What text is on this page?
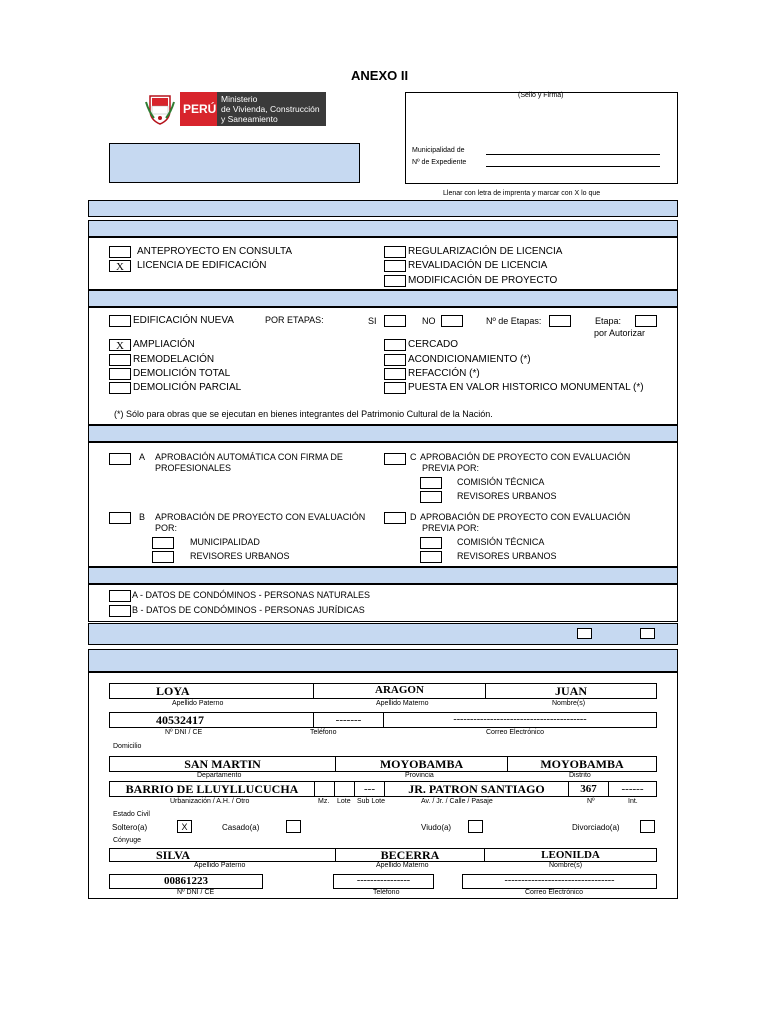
ANEXO II
PERÚ
Ministerio
de Vivienda, Construcción
y Saneamiento
(Sello y Firma)
Municipalidad de
Nº de Expediente
Llenar con letra de imprenta y marcar con X lo que
ANTEPROYECTO EN CONSULTA
X	LICENCIA DE EDIFICACIÓN
REGULARIZACIÓN DE LICENCIA
REVALIDACIÓN DE LICENCIA
MODIFICACIÓN DE PROYECTO
EDIFICACIÓN NUEVA	POR ETAPAS:	SI	NO	Nº de Etapas:	Etapa:
por Autorizar
X AMPLIACIÓN
REMODELACIÓN
DEMOLICIÓN TOTAL
DEMOLICIÓN PARCIAL
CERCADO
ACONDICIONAMIENTO (*)
REFACCIÓN (*)
PUESTA EN VALOR HISTORICO MONUMENTAL (*)
(*) Sólo para obras que se ejecutan en bienes integrantes del Patrimonio Cultural de la Nación.
A APROBACIÓN AUTOMÁTICA CON FIRMA DE
PROFESIONALES
C APROBACIÓN DE PROYECTO CON EVALUACIÓN
PREVIA POR:
COMISIÓN TÉCNICA
REVISORES URBANOS
B APROBACIÓN DE PROYECTO CON EVALUACIÓN
POR:
MUNICIPALIDAD
REVISORES URBANOS
D APROBACIÓN DE PROYECTO CON EVALUACIÓN
PREVIA POR:
COMISIÓN TÉCNICA
REVISORES URBANOS
A - DATOS DE CONDÓMINOS - PERSONAS NATURALES
B - DATOS DE CONDÓMINOS - PERSONAS JURÍDICAS
LOYA	ARAGON	JUAN
Apellido Paterno	Apellido Materno	Nombre(s)
40532417	-------	----------------------------------------
Nº DNI / CE	Teléfono	Correo Electrónico
Domicilio
SAN MARTIN	MOYOBAMBA	MOYOBAMBA
Departamento	Provincia	Distrito
BARRIO DE LLUYLLUCUCHA	---	JR. PATRON SANTIAGO	367	------
Urbanización / A.H. / Otro	Mz. Lote Sub Lote	Av. / Jr. / Calle / Pasaje	Nº	Int.
Estado Civil
Soltero(a)	X	Casado(a)	Viudo(a)	Divorciado(a)
Cónyuge
SILVA	BECERRA	LEONILDA
Apellido Paterno	Apellido Materno	Nombre(s)
00861223	----------------	---------------------------------
Nº DNI / CE	Teléfono	Correo Electrónico
